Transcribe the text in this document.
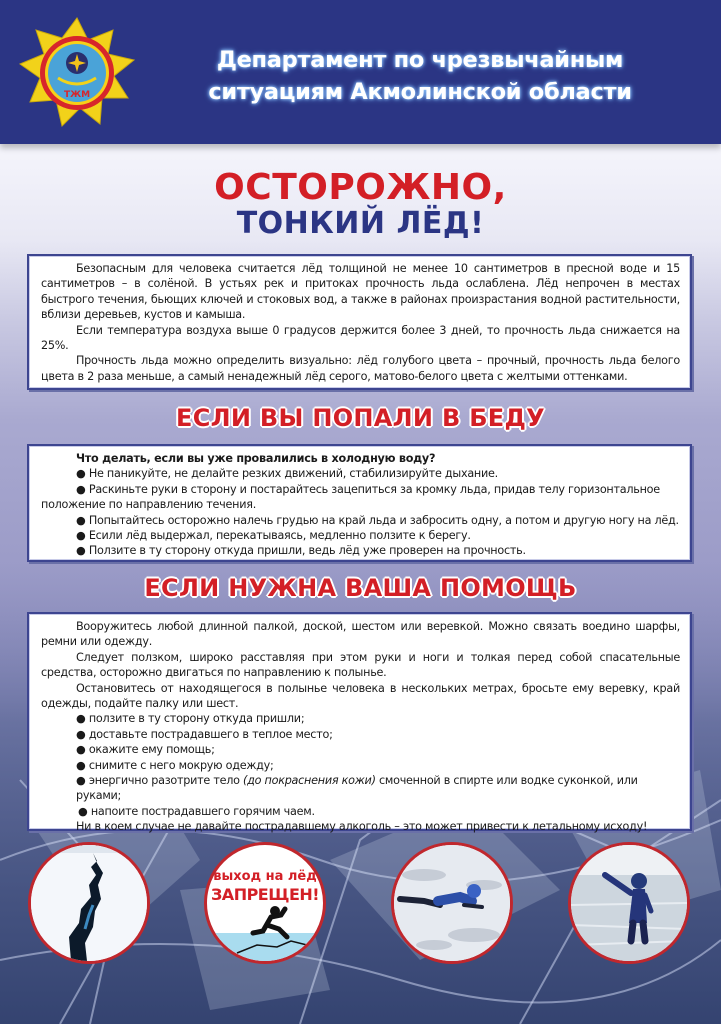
ТЖМ
Департамент по чрезвычайным
ситуациям Акмолинской области
ОСТОРОЖНО,
ТОНКИЙ ЛЁД!

Безопасным для человека считается лёд толщиной не менее 10 сантиметров в пресной воде и 15 сантиметров – в солёной. В устьях рек и притоках прочность льда ослаблена. Лёд непрочен в местах быстрого течения, бьющих ключей и стоковых вод, а также в районах произрастания водной растительности, вблизи деревьев, кустов и камыша.

Если температура воздуха выше 0 градусов держится более 3 дней, то прочность льда снижается на 25%.

Прочность льда можно определить визуально: лёд голубого цвета – прочный, прочность льда белого цвета в 2 раза меньше, а самый ненадежный лёд серого, матово-белого цвета с желтыми оттенками.

ЕСЛИ ВЫ ПОПАЛИ В БЕДУ
Что делать, если вы уже провалились в холодную воду?
● Не паникуйте, не делайте резких движений, стабилизируйте дыхание.
● Раскиньте руки в сторону и постарайтесь зацепиться за кромку льда, придав телу горизонтальное положение по направлению течения.
● Попытайтесь осторожно налечь грудью на край льда и забросить одну, а потом и другую ногу на лёд.
● Есили лёд выдержал, перекатываясь, медленно ползите к берегу.
● Ползите в ту сторону откуда пришли, ведь лёд уже проверен на прочность.
ЕСЛИ НУЖНА ВАША ПОМОЩЬ

Вооружитесь любой длинной палкой, доской, шестом или веревкой. Можно связать воедино шарфы, ремни или одежду.

Следует ползком, широко расставляя при этом руки и ноги и толкая перед собой спасательные средства, осторожно двигаться по направлению к полынье.

Остановитесь от находящегося в полынье человека в нескольких метрах, бросьте ему веревку, край одежды, подайте палку или шест.

● ползите в ту сторону откуда пришли;
● доставьте пострадавшего в теплое место;
● окажите ему помощь;
● снимите с него мокрую одежду;
● энергично разотрите тело (до покраснения кожи) смоченной в спирте или водке суконкой, или руками;
● напоите пострадавшего горячим чаем.
Ни в коем случае не давайте пострадавшему алкоголь – это может привести к летальному исходу!
выход на лёд
ЗАПРЕЩЕН!
